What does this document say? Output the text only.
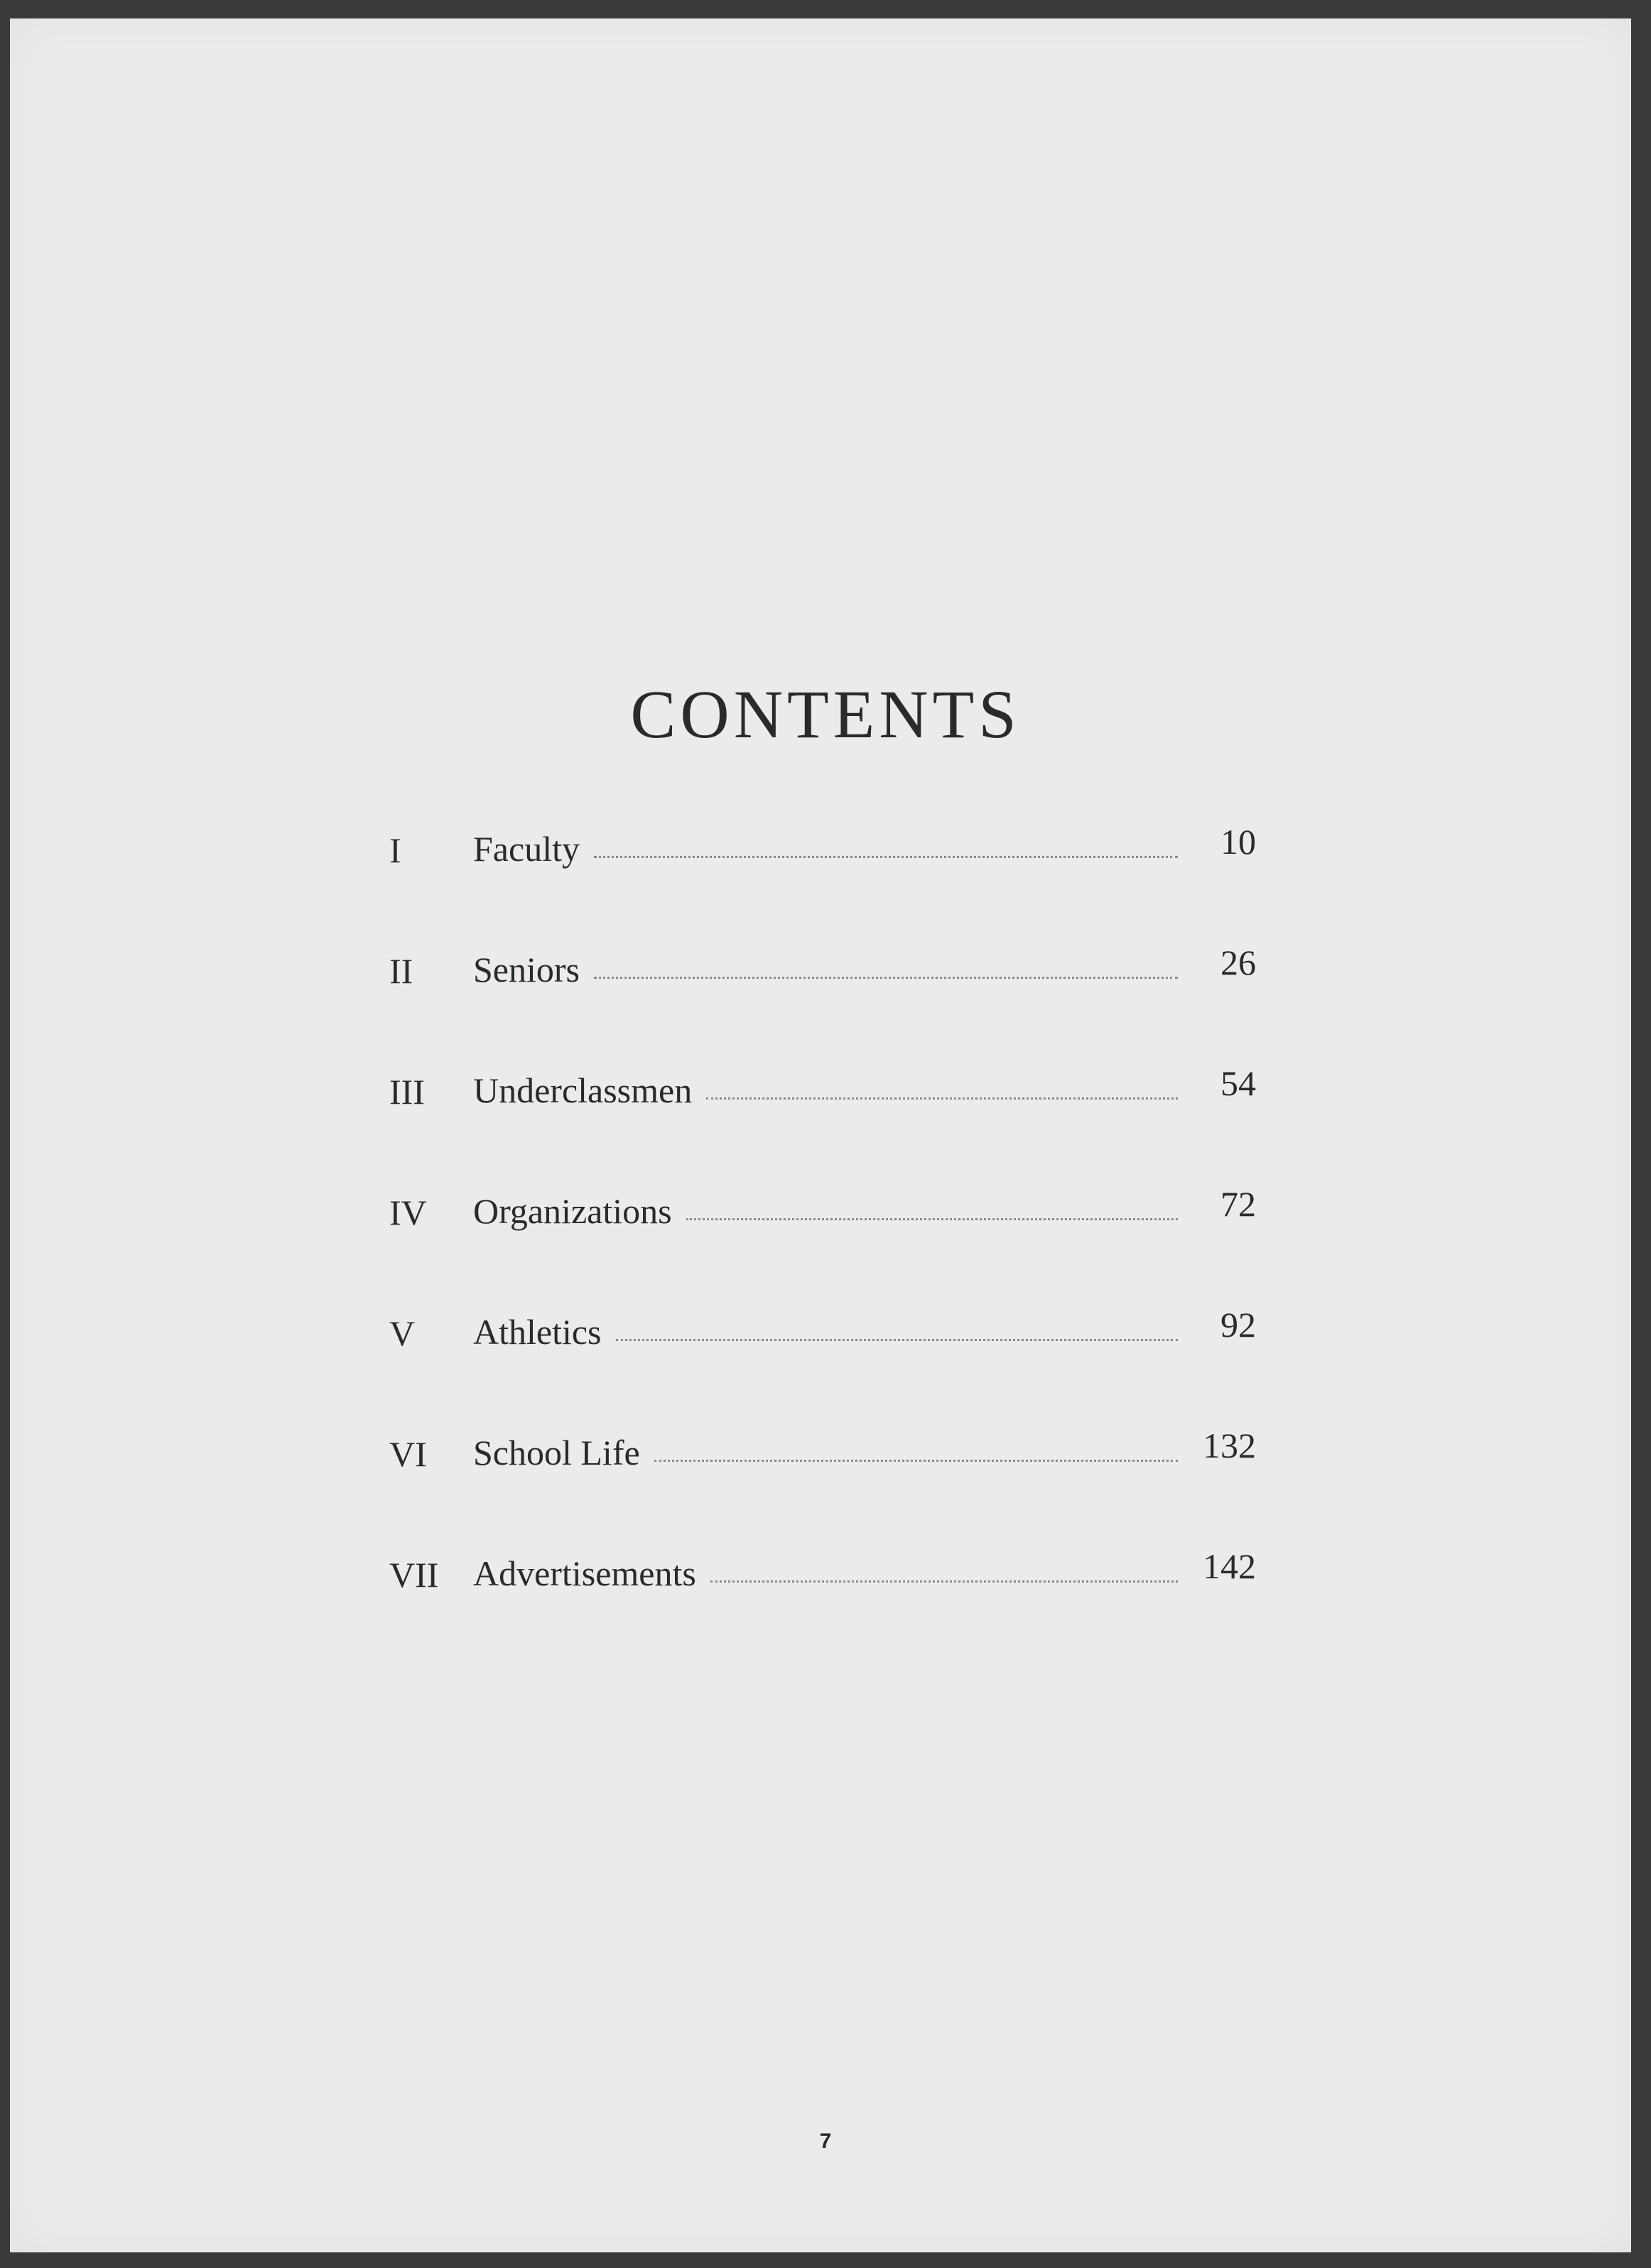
CONTENTS
I Faculty	10
II Seniors	26
III Underclassmen	54
IV Organizations	72
V Athletics	92
VI School Life	132
VII Advertisements	142
7
